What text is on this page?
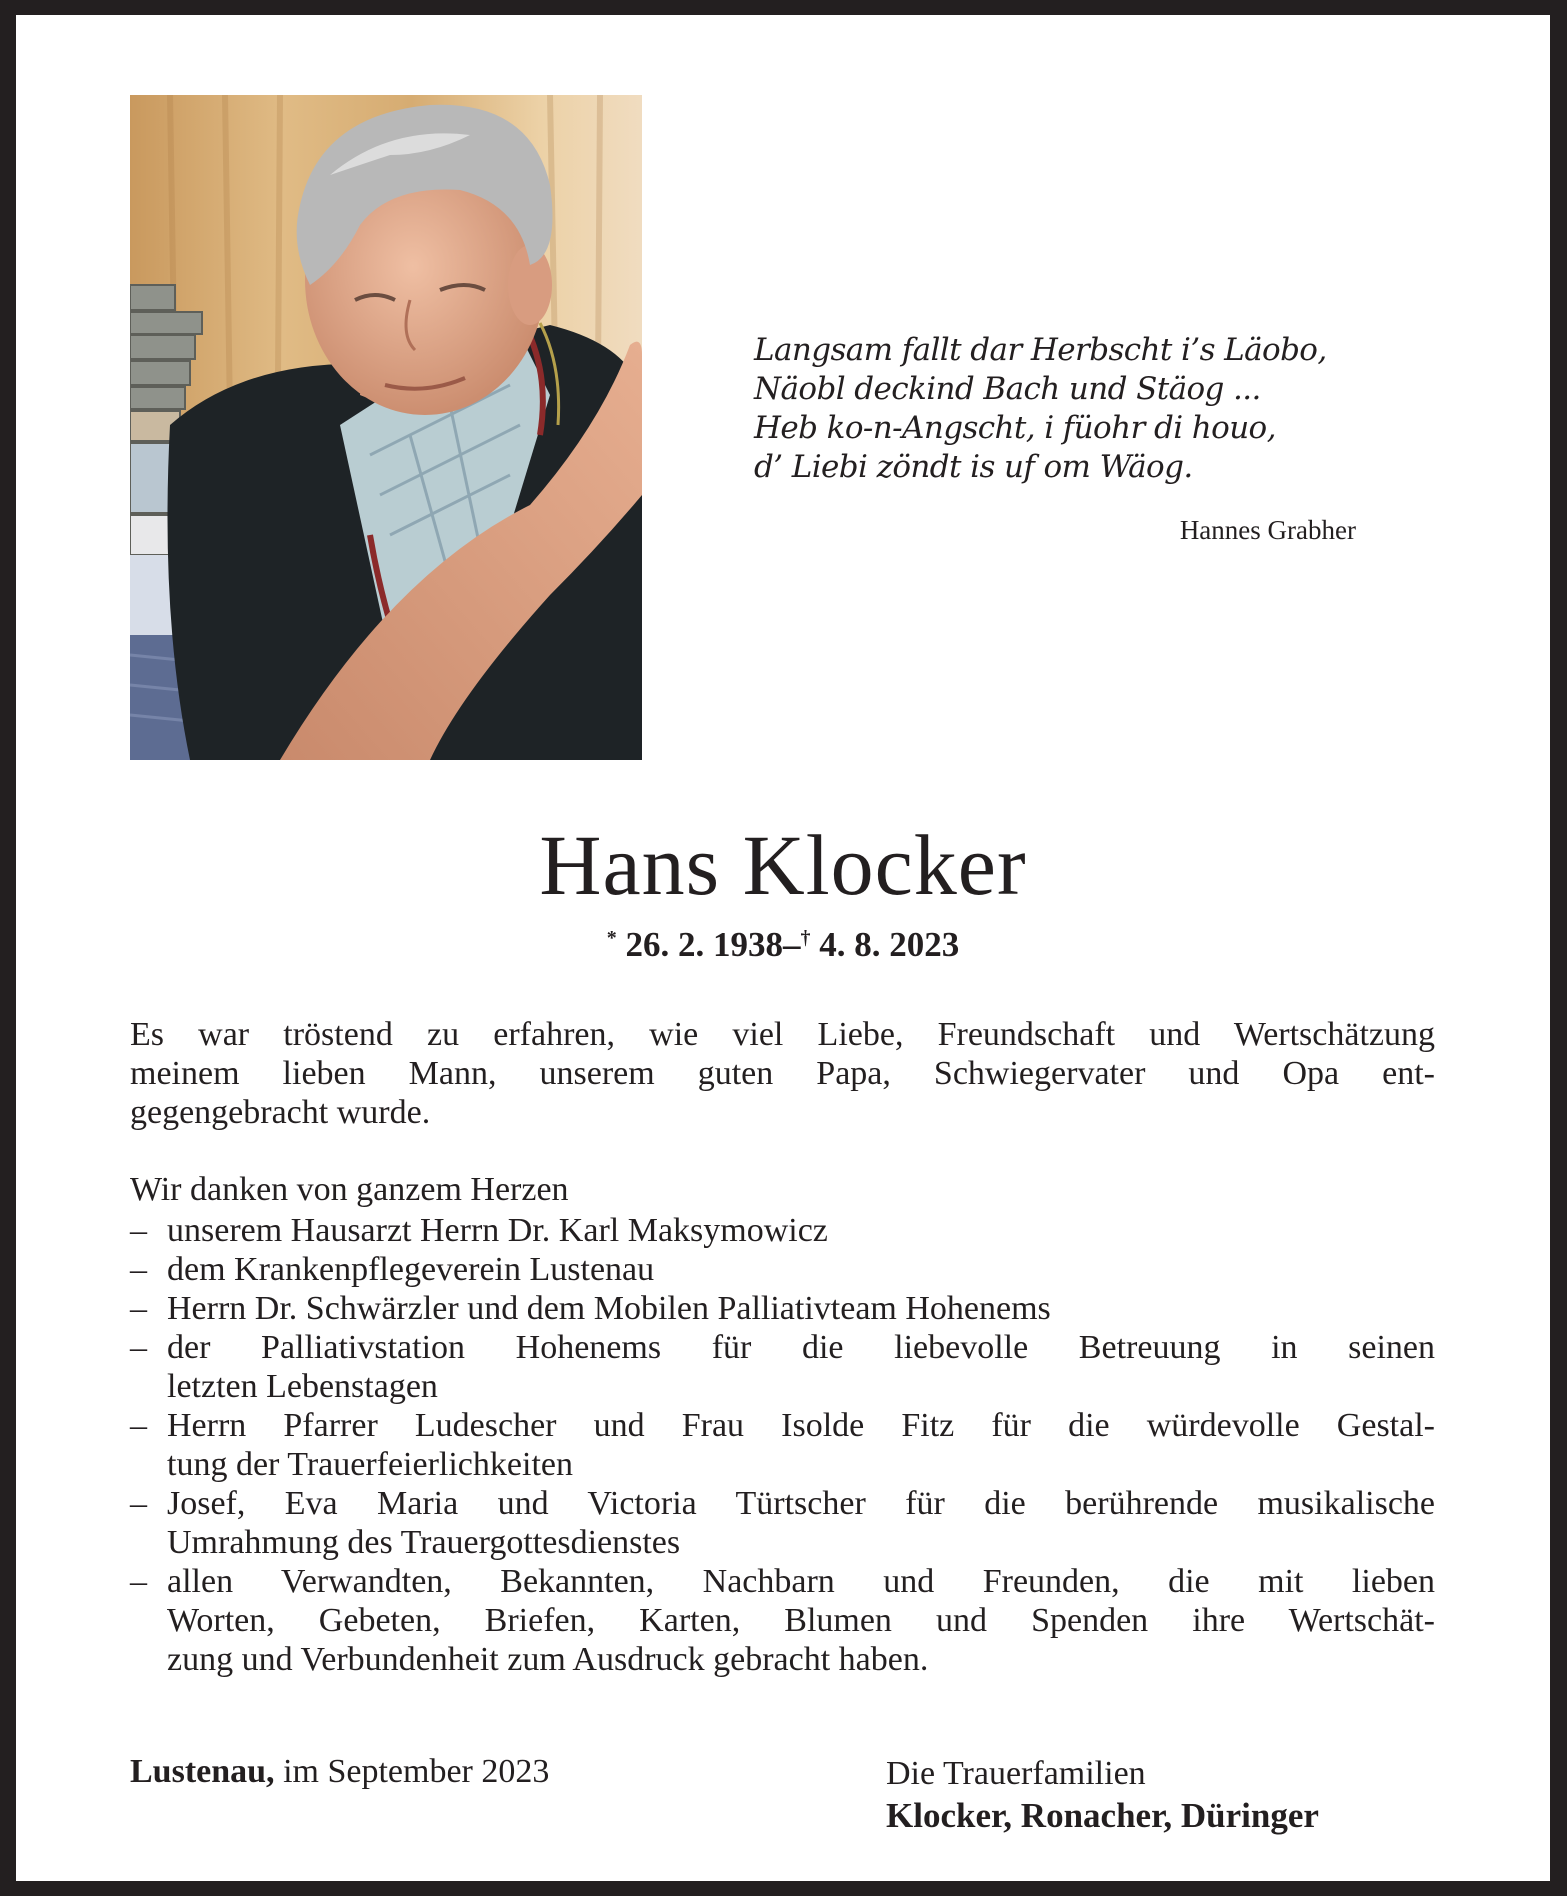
Langsam fallt dar Herbscht i’s Läobo,
Näobl deckind Bach und Stäog ...
Heb ko-n-Angscht, i füohr di houo,
d’ Liebi zöndt is uf om Wäog.
Hannes Grabher
Hans Klocker
* 26. 2. 1938–† 4. 8. 2023
Es war tröstend zu erfahren, wie viel Liebe, Freundschaft und Wertschätzung
meinem lieben Mann, unserem guten Papa, Schwiegervater und Opa ent-
gegengebracht wurde.
Wir danken von ganzem Herzen
– unserem Hausarzt Herrn Dr. Karl Maksymowicz
– dem Krankenpflegeverein Lustenau
– Herrn Dr. Schwärzler und dem Mobilen Palliativteam Hohenems
– der Palliativstation Hohenems für die liebevolle Betreuung in seinen
letzten Lebenstagen
– Herrn Pfarrer Ludescher und Frau Isolde Fitz für die würdevolle Gestal-
tung der Trauerfeierlichkeiten
– Josef, Eva Maria und Victoria Türtscher für die berührende musikalische
Umrahmung des Trauergottesdienstes
– allen Verwandten, Bekannten, Nachbarn und Freunden, die mit lieben
Worten, Gebeten, Briefen, Karten, Blumen und Spenden ihre Wertschät-
zung und Verbundenheit zum Ausdruck gebracht haben.
Lustenau, im September 2023	Die Trauerfamilien
Klocker, Ronacher, Düringer
